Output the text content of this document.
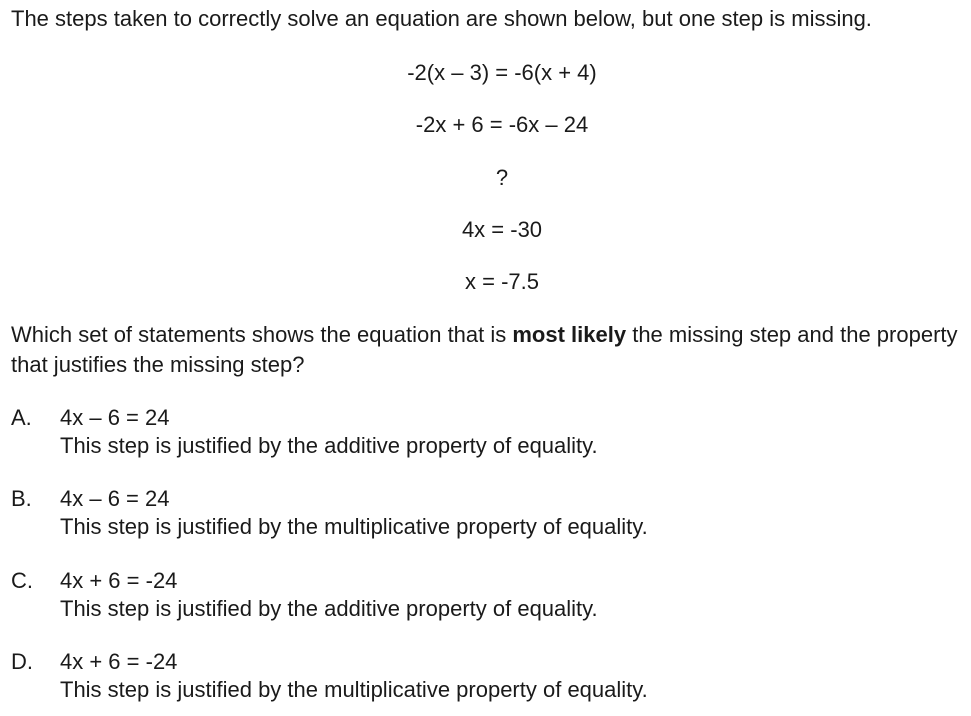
The steps taken to correctly solve an equation are shown below, but one step is missing.
-2(x – 3) = -6(x + 4)
-2x + 6 = -6x – 24
?
4x = -30
x = -7.5
Which set of statements shows the equation that is most likely the missing step and the property that justifies the missing step?
A. 4x – 6 = 24
This step is justified by the additive property of equality.
B. 4x – 6 = 24
This step is justified by the multiplicative property of equality.
C. 4x + 6 = -24
This step is justified by the additive property of equality.
D. 4x + 6 = -24
This step is justified by the multiplicative property of equality.
